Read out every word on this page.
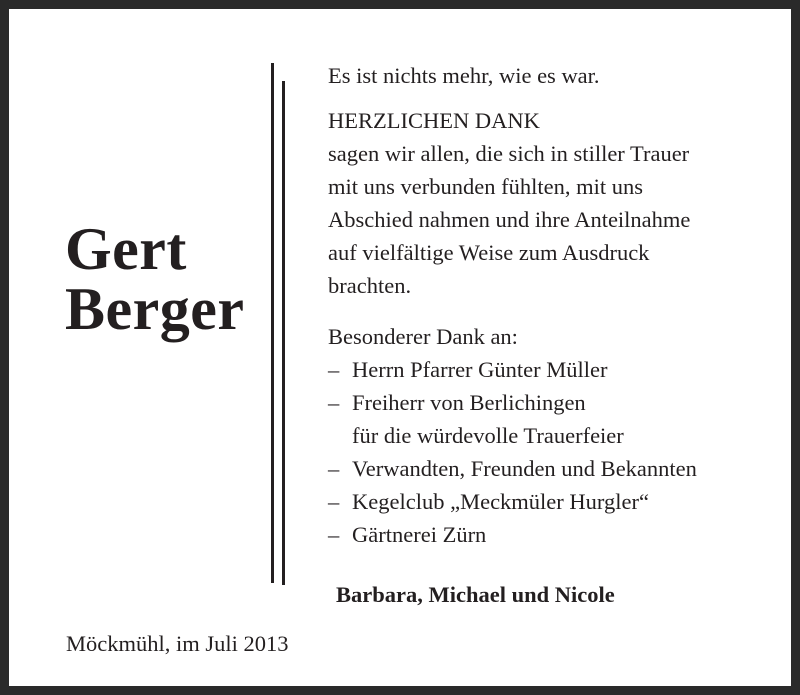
Gert
Berger

Es ist nichts mehr, wie es war.

HERZLICHEN DANK

sagen wir allen, die sich in stiller Trauer

mit uns verbunden fühlten, mit uns

Abschied nahmen und ihre Anteilnahme

auf vielfältige Weise zum Ausdruck

brachten.

Besonderer Dank an:

– Herrn Pfarrer Günter Müller
– Freiherr von Berlichingen
für die würdevolle Trauerfeier
– Verwandten, Freunden und Bekannten
– Kegelclub „Meckmüler Hurgler“
– Gärtnerei Zürn
Barbara, Michael und Nicole
Möckmühl, im Juli 2013
